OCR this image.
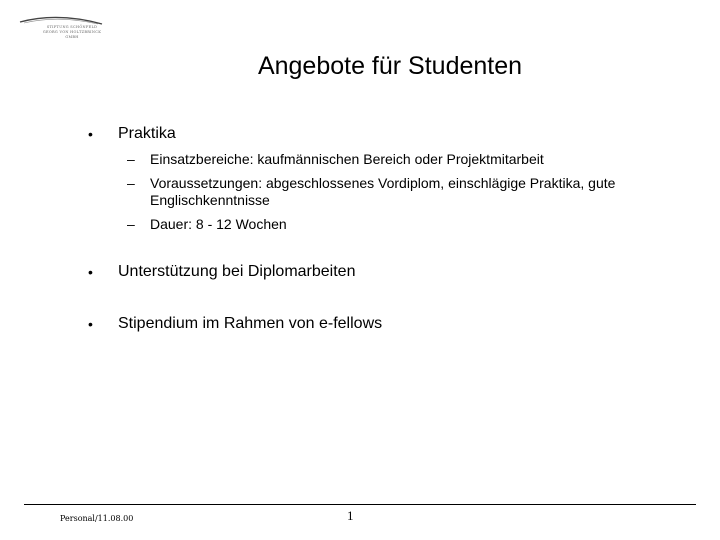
STIFTUNG SCHÖNFELD
GEORG VON HOLTZBRINCK
GMBH
Angebote für Studenten
• Praktika
– Einsatzbereiche: kaufmännischen Bereich oder Projektmitarbeit
– Voraussetzungen: abgeschlossenes Vordiplom, einschlägige Praktika, gute Englischkenntnisse
– Dauer: 8 - 12 Wochen
• Unterstützung bei Diplomarbeiten
• Stipendium im Rahmen von e-fellows
Personal/11.08.00	1
